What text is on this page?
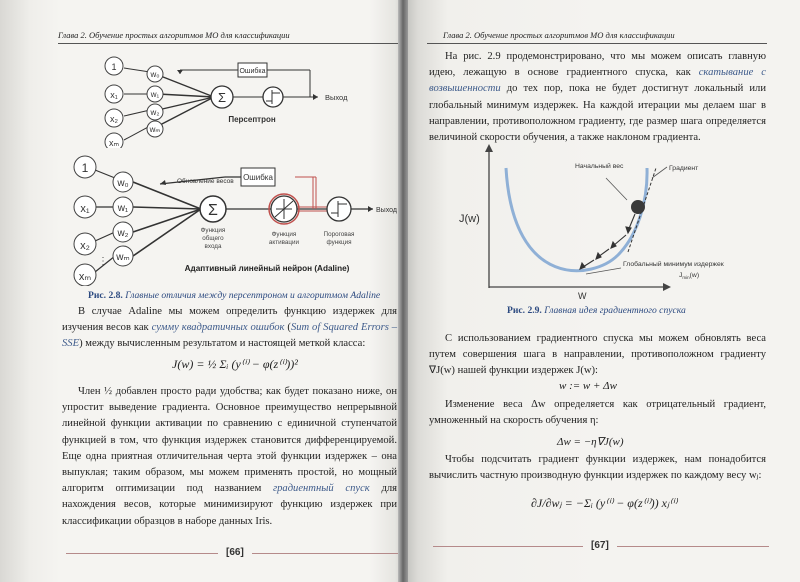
Глава 2. Обучение простых алгоритмов МО для классификации
1
x₁
x₂
xₘ
w₀
w₁
w₂
wₘ
Σ
Ошибка
Выход
Персептрон
1
x₁
x₂
xₘ
⋮
w₀
w₁
w₂
wₘ
Σ
Ошибка
Обновление весов
Выход
Функция
общего
входа
Функция
активации
Пороговая
функция
Адаптивный линейный нейрон (Adaline)
Рис. 2.8. Главные отличия между персептроном и алгоритмом Adaline

В случае Adaline мы можем определить функцию издержек для изучения весов как сумму квадратичных ошибок (Sum of Squared Errors – SSE) между вычисленным результатом и настоящей меткой класса:

J(w) = ½ Σᵢ (y⁽ⁱ⁾ − φ(z⁽ⁱ⁾))²

Член ½ добавлен просто ради удобства; как будет показано ниже, он упростит выведение градиента. Основное преимущество непрерывной линейной функции активации по сравнению с единичной ступенчатой функцией в том, что функция издержек становится дифференцируемой. Еще одна приятная отличительная черта этой функции издержек – она выпуклая; таким образом, мы можем применять простой, но мощный алгоритм оптимизации под названием градиентный спуск для нахождения весов, которые минимизируют функцию издержек при классификации образцов в наборе данных Iris.

[66]
Глава 2. Обучение простых алгоритмов МО для классификации

На рис. 2.9 продемонстрировано, что мы можем описать главную идею, лежащую в основе градиентного спуска, как скатывание с возвышенности до тех пор, пока не будет достигнут локальный или глобальный минимум издержек. На каждой итерации мы делаем шаг в направлении, противоположном градиенту, где размер шага определяется величиной скорости обучения, а также наклоном градиента.

Начальный вес	Градиент
Глобальный минимум издержек
$J_{min}(w)$
J(w)
W
Рис. 2.9. Главная идея градиентного спуска

С использованием градиентного спуска мы можем обновлять веса путем совершения шага в направлении, противоположном градиенту ∇J(w) нашей функции издержек J(w):

w := w + Δw

Изменение веса Δw определяется как отрицательный градиент, умноженный на скорость обучения η:

Δw = −η∇J(w)

Чтобы подсчитать градиент функции издержек, нам понадобится вычислить частную производную функции издержек по каждому весу wⱼ:

∂J/∂wⱼ = −Σᵢ (y⁽ⁱ⁾ − φ(z⁽ⁱ⁾)) xⱼ⁽ⁱ⁾
[67]
